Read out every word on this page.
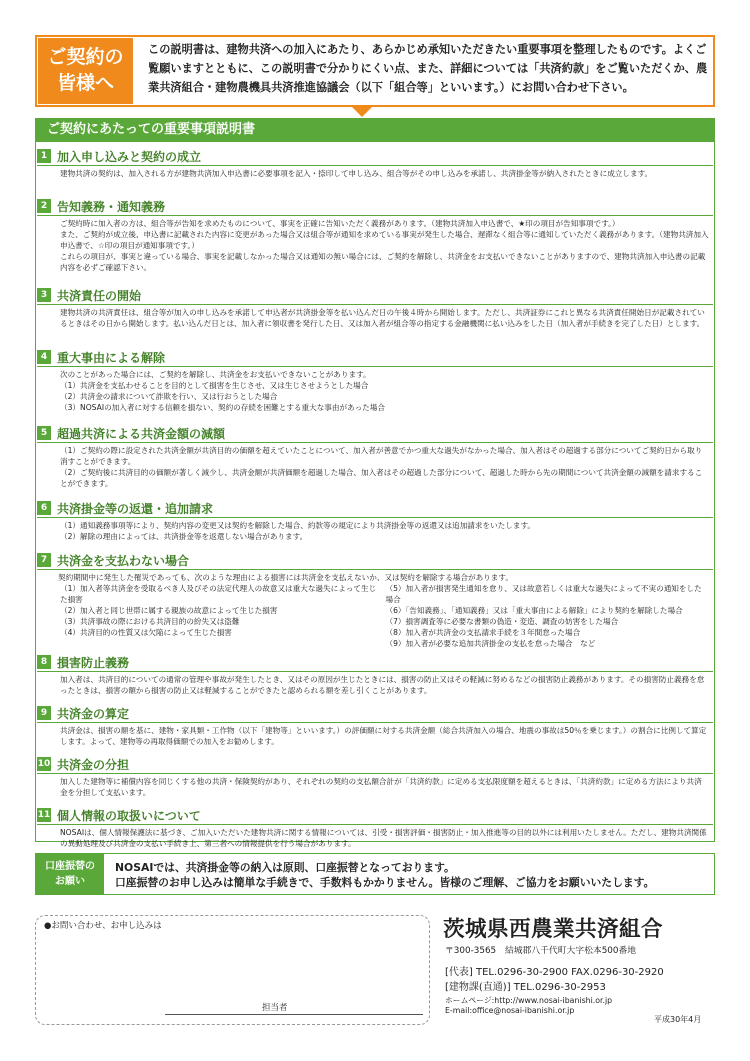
ご契約の
皆様へ
この説明書は、建物共済への加入にあたり、あらかじめ承知いただきたい重要事項を整理したものです。よくご覧願いますとともに、この説明書で分かりにくい点、また、詳細については「共済約款」をご覧いただくか、農業共済組合・建物農機具共済推進協議会（以下「組合等」といいます。）にお問い合わせ下さい。
ご契約にあたっての重要事項説明書
1 加入申し込みと契約の成立
建物共済の契約は、加入される方が建物共済加入申込書に必要事項を記入・捺印して申し込み、組合等がその申し込みを承諾し、共済掛金等が納入されたときに成立します。
2 告知義務・通知義務
ご契約時に加入者の方は、組合等が告知を求めたものについて、事実を正確に告知いただく義務があります。（建物共済加入申込書で、★印の項目が告知事項です。）
また、ご契約が成立後、申込書に記載された内容に変更があった場合又は組合等が通知を求めている事実が発生した場合、遅滞なく組合等に通知していただく義務があります。（建物共済加入申込書で、☆印の項目が通知事項です。）
これらの項目が、事実と違っている場合、事実を記載しなかった場合又は通知の無い場合には、ご契約を解除し、共済金をお支払いできないことがありますので、建物共済加入申込書の記載内容を必ずご確認下さい。
3 共済責任の開始
建物共済の共済責任は、組合等が加入の申し込みを承諾して申込者が共済掛金等を払い込んだ日の午後４時から開始します。ただし、共済証券にこれと異なる共済責任開始日が記載されているときはその日から開始します。払い込んだ日とは、加入者に領収書を発行した日、又は加入者が組合等の指定する金融機関に払い込みをした日（加入者が手続きを完了した日）とします。
4 重大事由による解除
次のことがあった場合には、ご契約を解除し、共済金をお支払いできないことがあります。
（1）共済金を支払わせることを目的として損害を生じさせ、又は生じさせようとした場合
（2）共済金の請求について詐欺を行い、又は行おうとした場合
（3）NOSAIの加入者に対する信頼を損ない、契約の存続を困難とする重大な事由があった場合
5 超過共済による共済金額の減額
（1）ご契約の際に設定された共済金額が共済目的の価額を超えていたことについて、加入者が善意でかつ重大な過失がなかった場合、加入者はその超過する部分についてご契約日から取り消すことができます。
（2）ご契約後に共済目的の価額が著しく減少し、共済金額が共済価額を超過した場合、加入者はその超過した部分について、超過した時から先の期間について共済金額の減額を請求することができます。
6 共済掛金等の返還・追加請求
（1）通知義務事項等により、契約内容の変更又は契約を解除した場合、約款等の規定により共済掛金等の返還又は追加請求をいたします。
（2）解除の理由によっては、共済掛金等を返還しない場合があります。
7 共済金を支払わない場合
契約期間中に発生した罹災であっても、次のような理由による損害には共済金を支払えないか、又は契約を解除する場合があります。
（1）加入者等共済金を受取るべき人及びその法定代理人の故意又は重大な過失によって生じた損害
（2）加入者と同じ世帯に属する親族の故意によって生じた損害
（3）共済事故の際における共済目的の紛失又は盗難
（4）共済目的の性質又は欠陥によって生じた損害
（5）加入者が損害発生通知を怠り、又は故意若しくは重大な過失によって不実の通知をした場合
（6）「告知義務」、「通知義務」又は「重大事由による解除」により契約を解除した場合
（7）損害調査等に必要な書類の偽造・変造、調査の妨害をした場合
（8）加入者が共済金の支払請求手続を３年間怠った場合
（9）加入者が必要な追加共済掛金の支払を怠った場合　など
8 損害防止義務
加入者は、共済目的についての通常の管理や事故が発生したとき、又はその原因が生じたときには、損害の防止又はその軽減に努めるなどの損害防止義務があります。その損害防止義務を怠ったときは、損害の額から損害の防止又は軽減することができたと認められる額を差し引くことがあります。
9 共済金の算定
共済金は、損害の額を基に、建物・家具類・工作物（以下「建物等」といいます。）の評価額に対する共済金額（総合共済加入の場合、地震の事故は50％を乗じます。）の割合に比例して算定します。よって、建物等の再取得価額での加入をお勧めします。
10 共済金の分担
加入した建物等に補償内容を同じくする他の共済・保険契約があり、それぞれの契約の支払額合計が「共済約款」に定める支払限度額を超えるときは、「共済約款」に定める方法により共済金を分担して支払います。
11 個人情報の取扱いについて
NOSAIは、個人情報保護法に基づき、ご加入いただいた建物共済に関する情報については、引受・損害評価・損害防止・加入推進等の目的以外には利用いたしません。ただし、建物共済関係の異動処理及び共済金の支払い手続き上、第三者への情報提供を行う場合があります。
口座振替の
お願い
NOSAIでは、共済掛金等の納入は原則、口座振替となっております。
口座振替のお申し込みは簡単な手続きで、手数料もかかりません。皆様のご理解、ご協力をお願いいたします。
●お問い合わせ、お申し込みは
担当者
茨城県西農業共済組合
〒300-3565　結城郡八千代町大字松本500番地
[代表] TEL.0296-30-2900 FAX.0296-30-2920
[建物課(直通)] TEL.0296-30-2953
ホームページ:http://www.nosai-ibanishi.or.jp
E-mail:office@nosai-ibanishi.or.jp
平成30年4月
